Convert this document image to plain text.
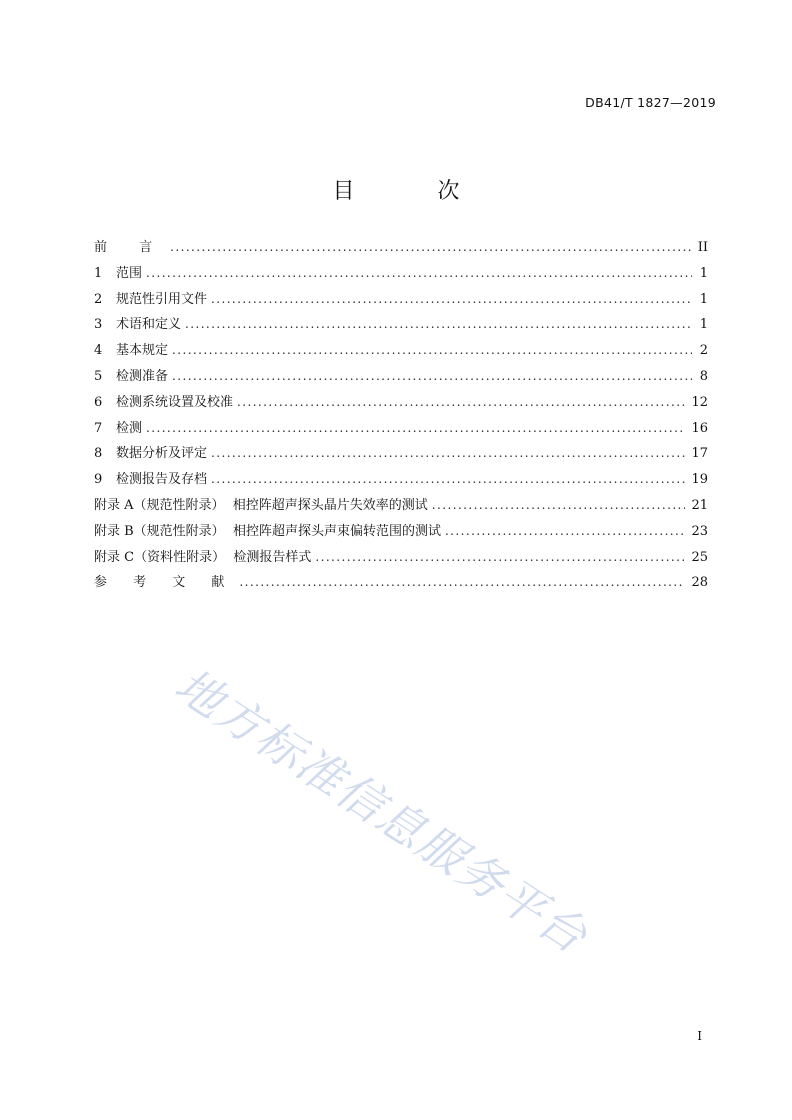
DB41/T 1827—2019
目 次
前 言 . . .	II
1	范围 . . .	1
2	规范性引用文件 . . .	1
3	术语和定义 . . .	1
4	基本规定 . . .	2
5	检测准备 . . .	8
6	检测系统设置及校准 . . .	12
7	检测 . . .	16
8	数据分析及评定 . . .	17
9	检测报告及存档 . . .	19
附录 A（规范性附录）  相控阵超声探头晶片失效率的测试 . . .	21
附录 B（规范性附录）  相控阵超声探头声束偏转范围的测试 . . .	23
附录 C（资料性附录）  检测报告样式 . . .	25
参 考 文 献 . . .	28
地方标准信息服务平台
I
